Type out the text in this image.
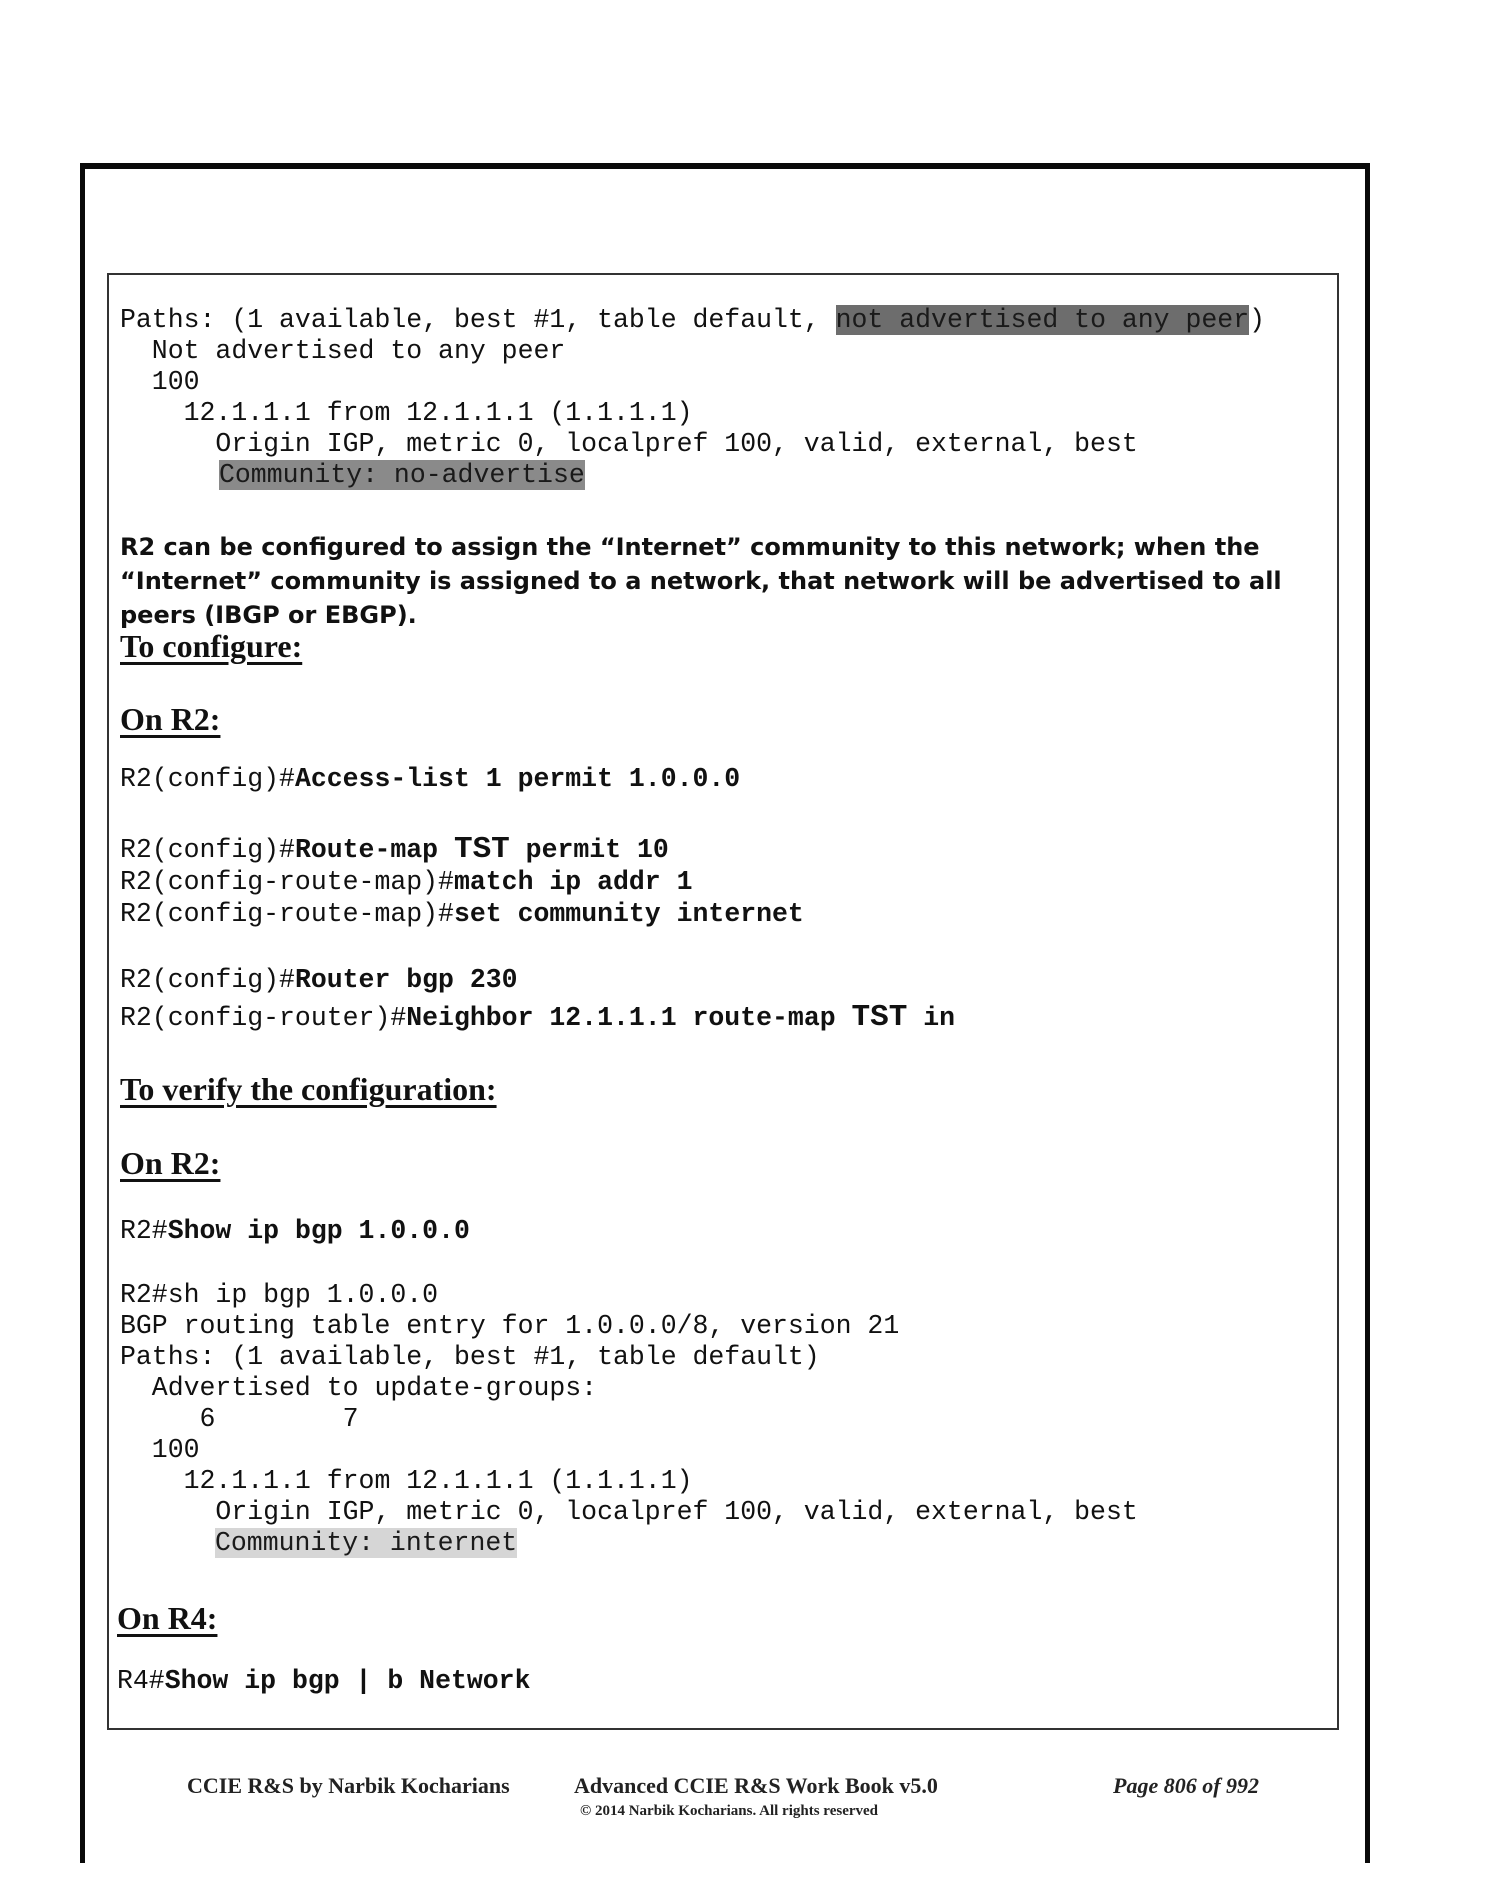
Paths: (1 available, best #1, table default, not advertised to any peer)
Not advertised to any peer
100
12.1.1.1 from 12.1.1.1 (1.1.1.1)
Origin IGP, metric 0, localpref 100, valid, external, best
Community: no-advertise
R2 can be configured to assign the “Internet” community to this network; when the “Internet” community is assigned to a network, that network will be advertised to all peers (IBGP or EBGP).
To configure:
On R2:
R2(config)#Access-list 1 permit 1.0.0.0
R2(config)#Route-map TST permit 10
R2(config-route-map)#match ip addr 1
R2(config-route-map)#set community internet
R2(config)#Router bgp 230
R2(config-router)#Neighbor 12.1.1.1 route-map TST in
To verify the configuration:
On R2:
R2#Show ip bgp 1.0.0.0
R2#sh ip bgp 1.0.0.0
BGP routing table entry for 1.0.0.0/8, version 21
Paths: (1 available, best #1, table default)
Advertised to update-groups:
6        7
100
12.1.1.1 from 12.1.1.1 (1.1.1.1)
Origin IGP, metric 0, localpref 100, valid, external, best
Community: internet
On R4:
R4#Show ip bgp | b Network
CCIE R&S by Narbik Kocharians	Advanced CCIE R&S Work Book v5.0
© 2014 Narbik Kocharians. All rights reserved
Page 806 of 992
